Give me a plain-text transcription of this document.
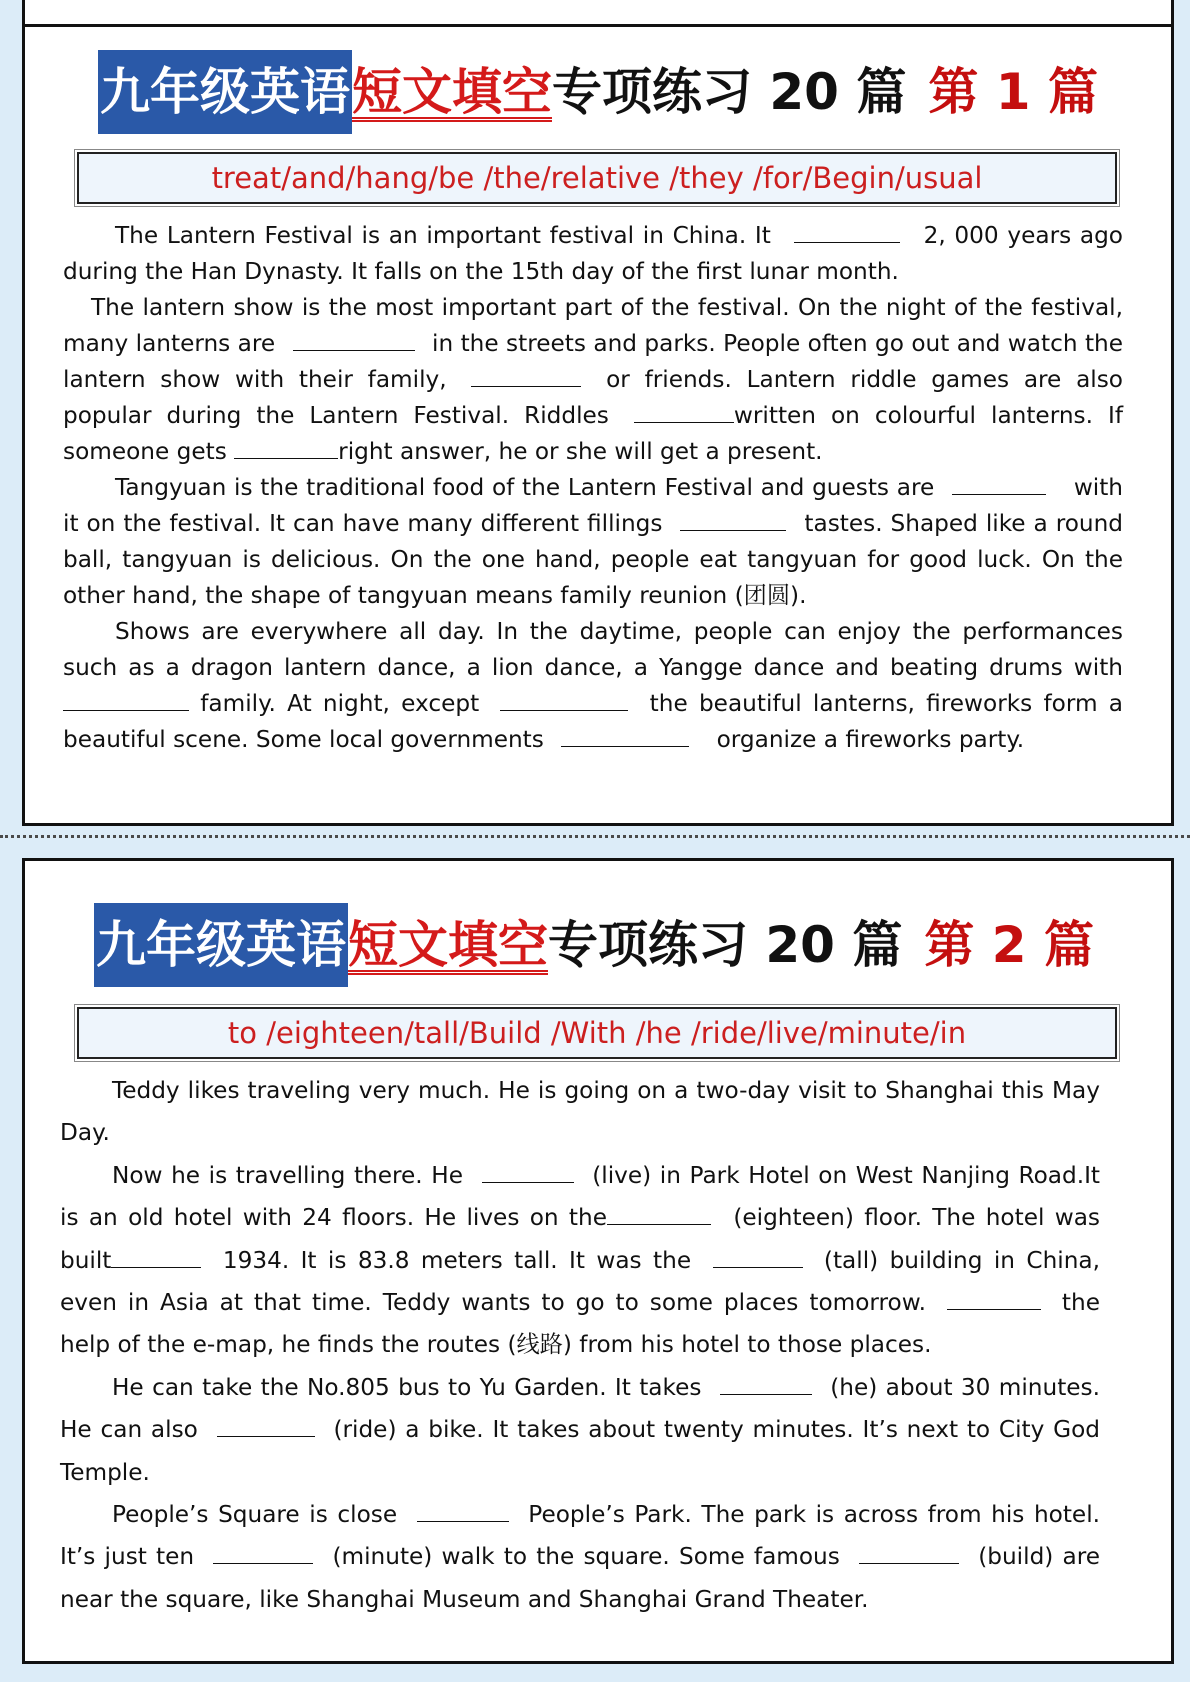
九年级英语短文填空专项练习 20 篇 第 1 篇
treat/and/hang/be /the/relative /they /for/Begin/usual

The Lantern Festival is an important festival in China. It	2, 000 years ago during the Han Dynasty. It falls on the 15th day of the first lunar month.

The lantern show is the most important part of the festival. On the night of the festival, many lanterns are	in the streets and parks. People often go out and watch the lantern show with their family,	or friends. Lantern riddle games are also popular during the Lantern Festival. Riddles	written on colourful lanterns. If someone gets	right answer, he or she will get a present.

Tangyuan is the traditional food of the Lantern Festival and guests are	with it on the festival. It can have many different fillings	tastes. Shaped like a round ball, tangyuan is delicious. On the one hand, people eat tangyuan for good luck. On the other hand, the shape of tangyuan means family reunion (团圆).

Shows are everywhere all day. In the daytime, people can enjoy the performances such as a dragon lantern dance, a lion dance, a Yangge dance and beating drums with family. At night, except	the beautiful lanterns, fireworks form a beautiful scene. Some local governments	organize a fireworks party.

九年级英语短文填空专项练习 20 篇 第 2 篇
to /eighteen/tall/Build /With /he /ride/live/minute/in

Teddy likes traveling very much. He is going on a two-day visit to Shanghai this May Day.

Now he is travelling there. He	(live) in Park Hotel on West Nanjing Road.It is an old hotel with 24 floors. He lives on the	(eighteen) floor. The hotel was built	1934. It is 83.8 meters tall. It was the	(tall) building in China, even in Asia at that time. Teddy wants to go to some places tomorrow.	the help of the e-map, he finds the routes (线路) from his hotel to those places.

He can take the No.805 bus to Yu Garden. It takes	(he) about 30 minutes. He can also	(ride) a bike. It takes about twenty minutes. It’s next to City God Temple.

People’s Square is close	People’s Park. The park is across from his hotel. It’s just ten	(minute) walk to the square. Some famous	(build) are near the square, like Shanghai Museum and Shanghai Grand Theater.
